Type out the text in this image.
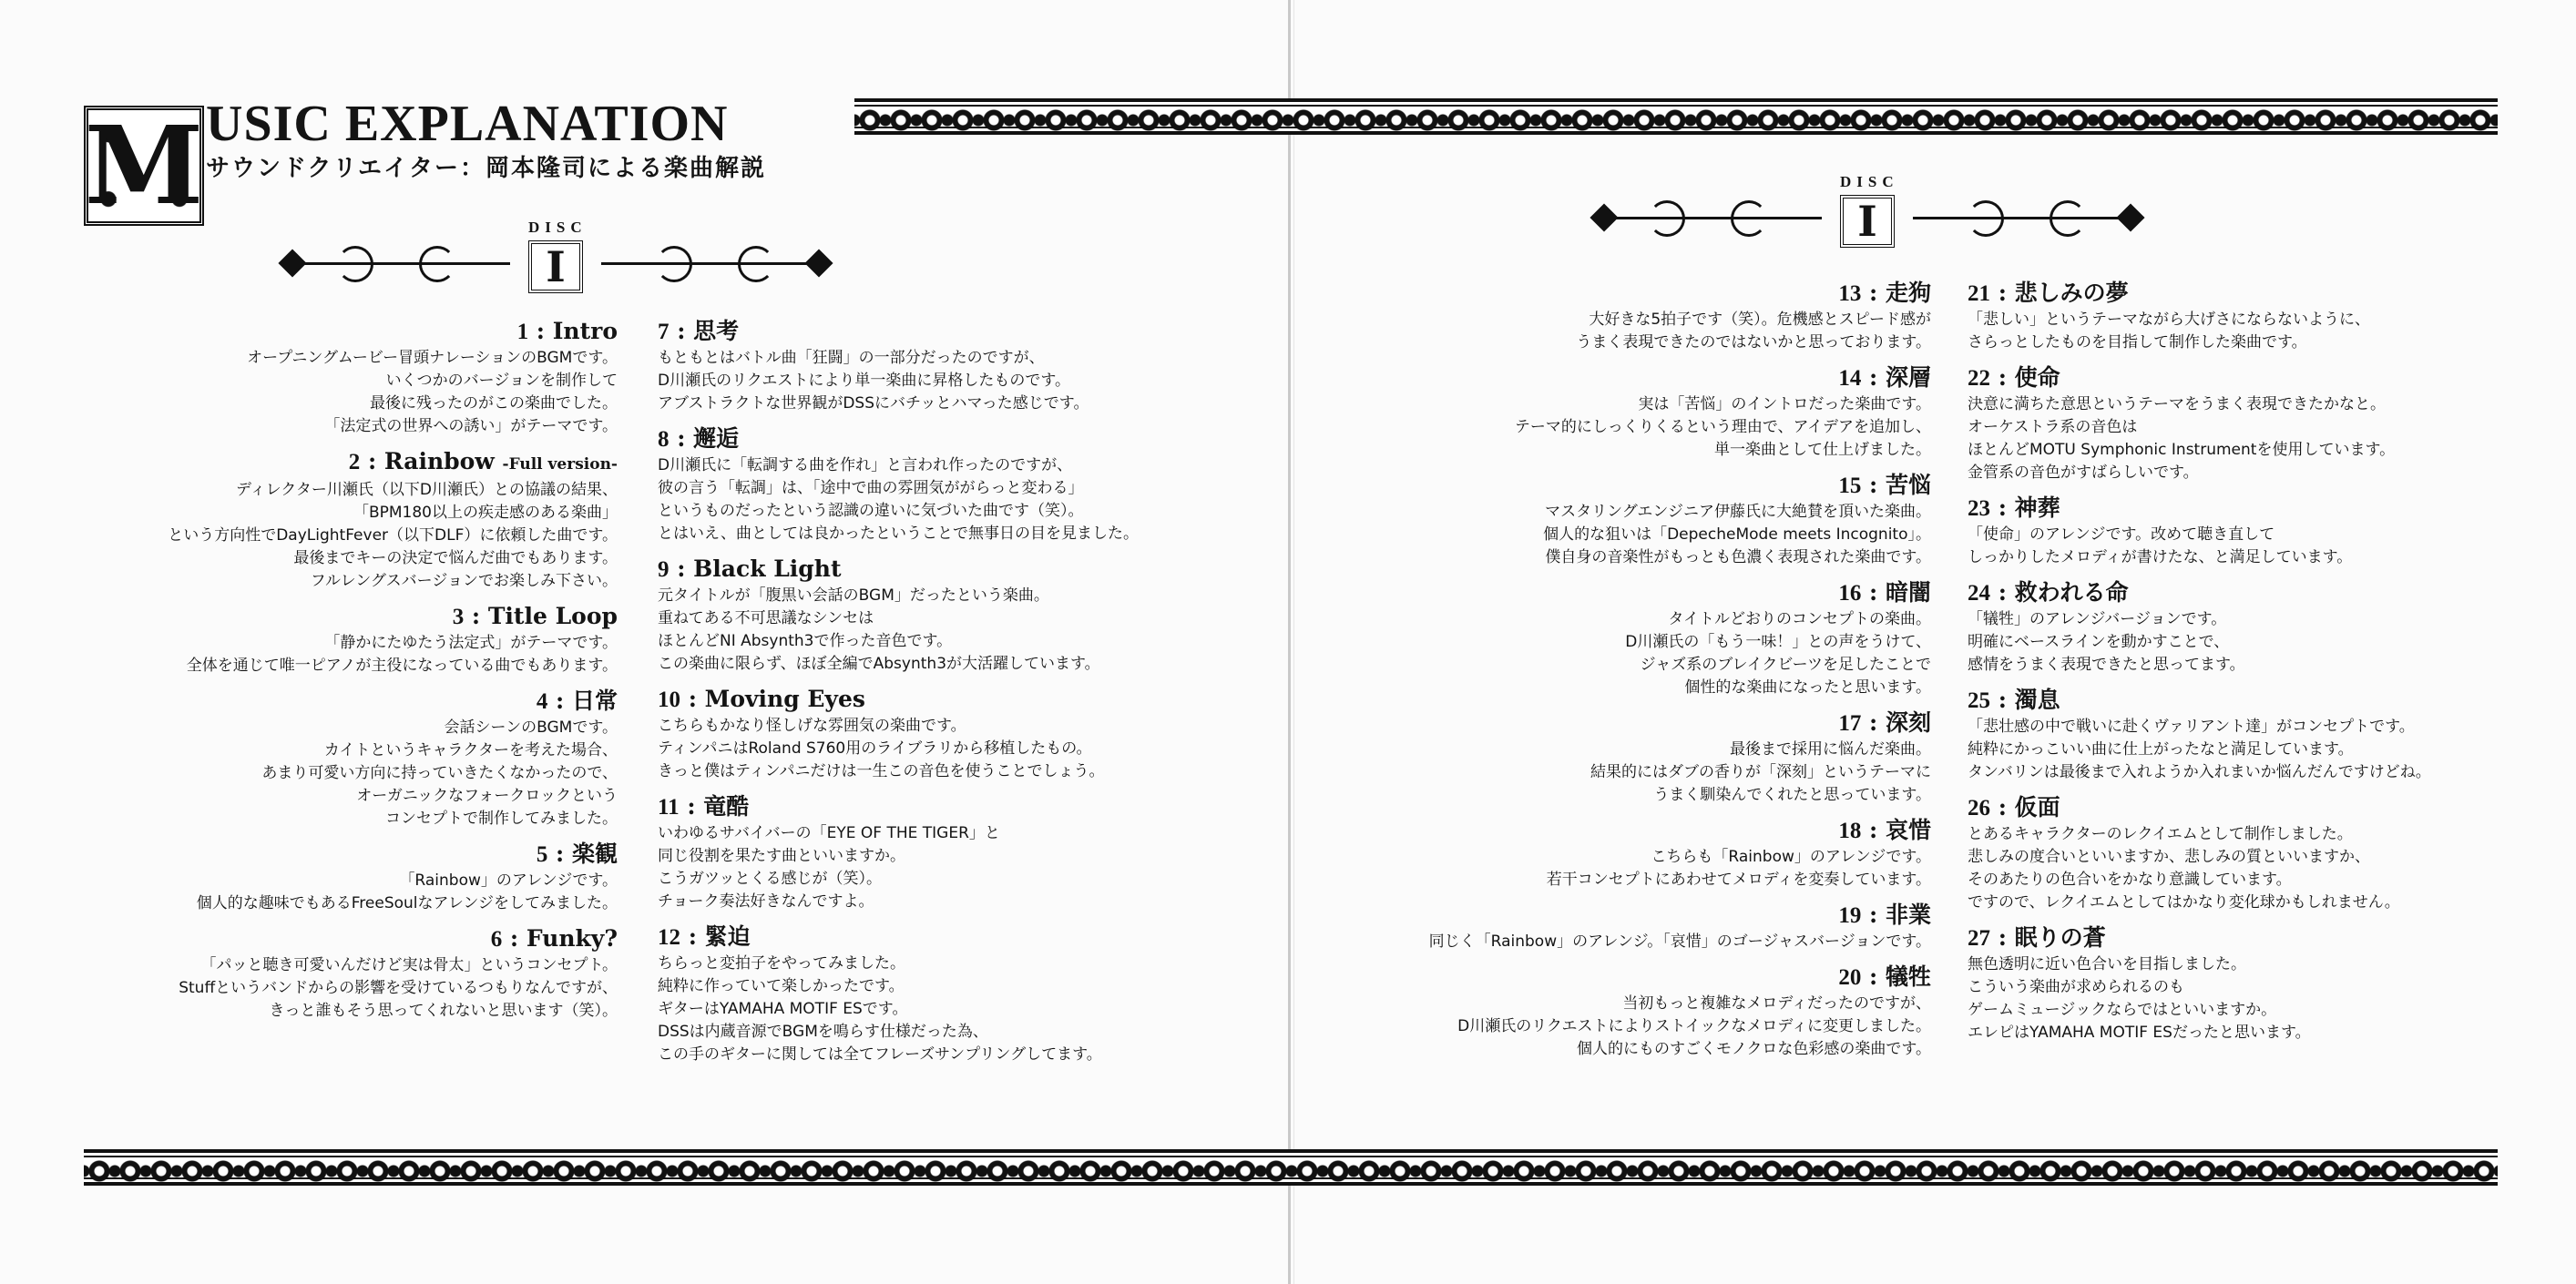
M USIC EXPLANATION
サウンドクリエイター：岡本隆司による楽曲解説
DISC
I
DISC
I
1 : Intro
オープニングムービー冒頭ナレーションのBGMです。
いくつかのバージョンを制作して
最後に残ったのがこの楽曲でした。
「法定式の世界への誘い」がテーマです。
2 : Rainbow -Full version-
ディレクター川瀬氏（以下D川瀬氏）との協議の結果、
「BPM180以上の疾走感のある楽曲」
という方向性でDayLightFever（以下DLF）に依頼した曲です。
最後までキーの決定で悩んだ曲でもあります。
フルレングスバージョンでお楽しみ下さい。
3 : Title Loop
「静かにたゆたう法定式」がテーマです。
全体を通じて唯一ピアノが主役になっている曲でもあります。
4 : 日常
会話シーンのBGMです。
カイトというキャラクターを考えた場合、
あまり可愛い方向に持っていきたくなかったので、
オーガニックなフォークロックという
コンセプトで制作してみました。
5 : 楽観
「Rainbow」のアレンジです。
個人的な趣味でもあるFreeSoulなアレンジをしてみました。
6 : Funky?
「パッと聴き可愛いんだけど実は骨太」というコンセプト。
Stuffというバンドからの影響を受けているつもりなんですが、
きっと誰もそう思ってくれないと思います（笑）。
7 : 思考
もともとはバトル曲「狂闘」の一部分だったのですが、
D川瀬氏のリクエストにより単一楽曲に昇格したものです。
アブストラクトな世界観がDSSにバチッとハマった感じです。
8 : 邂逅
D川瀬氏に「転調する曲を作れ」と言われ作ったのですが、
彼の言う「転調」は、「途中で曲の雰囲気ががらっと変わる」
というものだったという認識の違いに気づいた曲です（笑）。
とはいえ、曲としては良かったということで無事日の目を見ました。
9 : Black Light
元タイトルが「腹黒い会話のBGM」だったという楽曲。
重ねてある不可思議なシンセは
ほとんどNI Absynth3で作った音色です。
この楽曲に限らず、ほぼ全編でAbsynth3が大活躍しています。
10 : Moving Eyes
こちらもかなり怪しげな雰囲気の楽曲です。
ティンパニはRoland S760用のライブラリから移植したもの。
きっと僕はティンパニだけは一生この音色を使うことでしょう。
11 : 竜酷
いわゆるサバイバーの「EYE OF THE TIGER」と
同じ役割を果たす曲といいますか。
こうガツッとくる感じが（笑）。
チョーク奏法好きなんですよ。
12 : 緊迫
ちらっと変拍子をやってみました。
純粋に作っていて楽しかったです。
ギターはYAMAHA MOTIF ESです。
DSSは内蔵音源でBGMを鳴らす仕様だった為、
この手のギターに関しては全てフレーズサンプリングしてます。
13 : 走狗
大好きな5拍子です（笑）。危機感とスピード感が
うまく表現できたのではないかと思っております。
14 : 深層
実は「苦悩」のイントロだった楽曲です。
テーマ的にしっくりくるという理由で、アイデアを追加し、
単一楽曲として仕上げました。
15 : 苦悩
マスタリングエンジニア伊藤氏に大絶賛を頂いた楽曲。
個人的な狙いは「DepecheMode meets Incognito」。
僕自身の音楽性がもっとも色濃く表現された楽曲です。
16 : 暗闇
タイトルどおりのコンセプトの楽曲。
D川瀬氏の「もう一味！」との声をうけて、
ジャズ系のブレイクビーツを足したことで
個性的な楽曲になったと思います。
17 : 深刻
最後まで採用に悩んだ楽曲。
結果的にはダブの香りが「深刻」というテーマに
うまく馴染んでくれたと思っています。
18 : 哀惜
こちらも「Rainbow」のアレンジです。
若干コンセプトにあわせてメロディを変奏しています。
19 : 非業
同じく「Rainbow」のアレンジ。「哀惜」のゴージャスバージョンです。
20 : 犠牲
当初もっと複雑なメロディだったのですが、
D川瀬氏のリクエストによりストイックなメロディに変更しました。
個人的にものすごくモノクロな色彩感の楽曲です。
21 : 悲しみの夢
「悲しい」というテーマながら大げさにならないように、
さらっとしたものを目指して制作した楽曲です。
22 : 使命
決意に満ちた意思というテーマをうまく表現できたかなと。
オーケストラ系の音色は
ほとんどMOTU Symphonic Instrumentを使用しています。
金管系の音色がすばらしいです。
23 : 神葬
「使命」のアレンジです。改めて聴き直して
しっかりしたメロディが書けたな、と満足しています。
24 : 救われる命
「犠牲」のアレンジバージョンです。
明確にベースラインを動かすことで、
感情をうまく表現できたと思ってます。
25 : 濁息
「悲壮感の中で戦いに赴くヴァリアント達」がコンセプトです。
純粋にかっこいい曲に仕上がったなと満足しています。
タンバリンは最後まで入れようか入れまいか悩んだんですけどね。
26 : 仮面
とあるキャラクターのレクイエムとして制作しました。
悲しみの度合いといいますか、悲しみの質といいますか、
そのあたりの色合いをかなり意識しています。
ですので、レクイエムとしてはかなり変化球かもしれません。
27 : 眠りの蒼
無色透明に近い色合いを目指しました。
こういう楽曲が求められるのも
ゲームミュージックならではといいますか。
エレピはYAMAHA MOTIF ESだったと思います。
